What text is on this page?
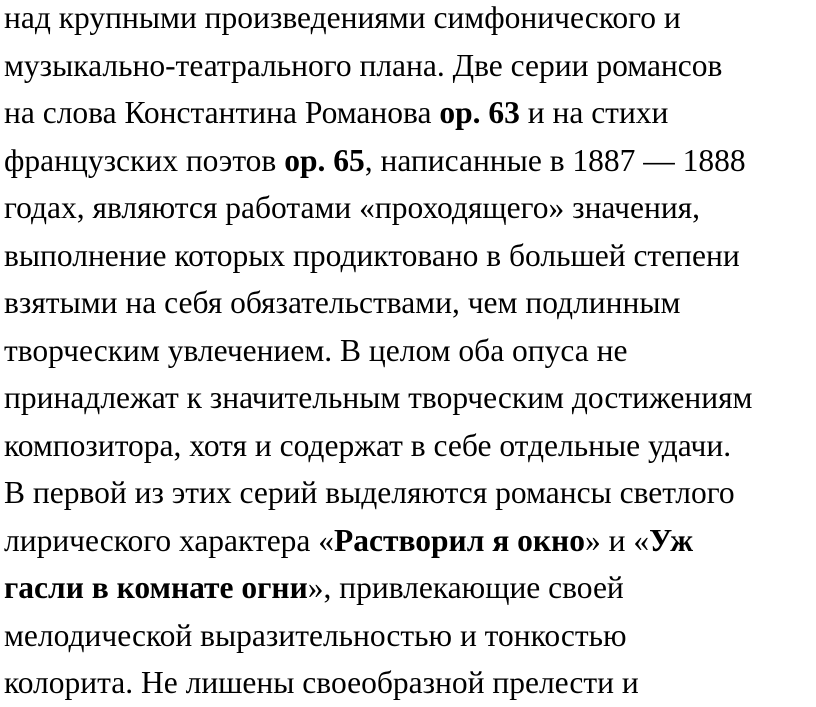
над крупными произведениями симфонического и
музыкально-театрального плана. Две серии романсов
на слова Константина Романова ор. 63 и на стихи
французских поэтов ор. 65, написанные в 1887 — 1888
годах, являются работами «проходящего» значения,
выполнение которых продиктовано в большей степени
взятыми на себя обязательствами, чем подлинным
творческим увлечением. В целом оба опуса не
принадлежат к значительным творческим достижениям
композитора, хотя и содержат в себе отдельные удачи.
В первой из этих серий выделяются романсы светлого
лирического характера «Растворил я окно» и «Уж
гасли в комнате огни», привлекающие своей
мелодической выразительностью и тонкостью
колорита. Не лишены своеобразной прелести и
